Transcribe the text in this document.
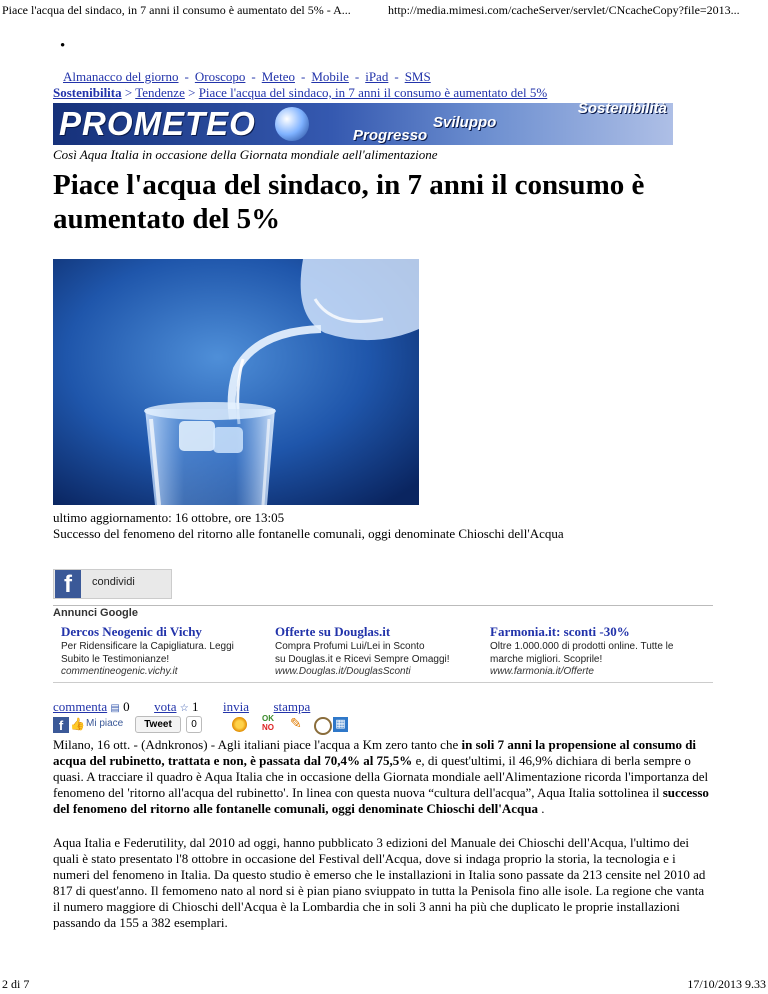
Piace l'acqua del sindaco, in 7 anni il consumo è aumentato del 5% - A...	http://media.mimesi.com/cacheServer/servlet/CNcacheCopy?file=2013...
•
Almanacco del giorno - Oroscopo - Meteo - Mobile - iPad - SMS
Sostenibilita > Tendenze > Piace l'acqua del sindaco, in 7 anni il consumo è aumentato del 5%
PROMETEO	Sostenibilità
Sviluppo
Progresso
Così Aqua Italia in occasione della Giornata mondiale aell'alimentazione
Piace l'acqua del sindaco, in 7 anni il consumo è aumentato del 5%
ultimo aggiornamento: 16 ottobre, ore 13:05
Successo del fenomeno del ritorno alle fontanelle comunali, oggi denominate Chioschi dell'Acqua
f	condividi
Annunci Google
Dercos Neogenic di Vichy
Per Ridensificare la Capigliatura. Leggi
Subito le Testimonianze!
commentineogenic.vichy.it
Offerte su Douglas.it
Compra Profumi Lui/Lei in Sconto
su Douglas.it e Ricevi Sempre Omaggi!
www.Douglas.it/DouglasSconti
Farmonia.it: sconti -30%
Oltre 1.000.000 di prodotti online. Tutte le
marche migliori. Scoprile!
www.farmonia.it/Offerte
commenta ▤ 0 vota ☆ 1 invia stampa
f 👍 Mi piace	Tweet	0
OK
NO ✎	▦
Milano, 16 ott. - (Adnkronos) - Agli italiani piace l'acqua a Km zero tanto che in soli 7 anni la propensione al consumo di acqua del rubinetto, trattata e non, è passata dal 70,4% al 75,5% e, di quest'ultimi, il 46,9% dichiara di berla sempre o quasi. A tracciare il quadro è Aqua Italia che in occasione della Giornata mondiale aell'Alimentazione ricorda l'importanza del fenomeno del 'ritorno all'acqua del rubinetto'. In linea con questa nuova “cultura dell'acqua”, Aqua Italia sottolinea il successo del fenomeno del ritorno alle fontanelle comunali, oggi denominate Chioschi dell'Acqua .
Aqua Italia e Federutility, dal 2010 ad oggi, hanno pubblicato 3 edizioni del Manuale dei Chioschi dell'Acqua, l'ultimo dei quali è stato presentato l'8 ottobre in occasione del Festival dell'Acqua, dove si indaga proprio la storia, la tecnologia e i numeri del fenomeno in Italia. Da questo studio è emerso che le installazioni in Italia sono passate da 213 censite nel 2010 ad 817 di quest'anno. Il femomeno nato al nord si è pian piano sviuppato in tutta la Penisola fino alle isole. La regione che vanta il numero maggiore di Chioschi dell'Acqua è la Lombardia che in soli 3 anni ha più che duplicato le proprie installazioni passando da 155 a 382 esemplari.
2 di 7	17/10/2013 9.33
